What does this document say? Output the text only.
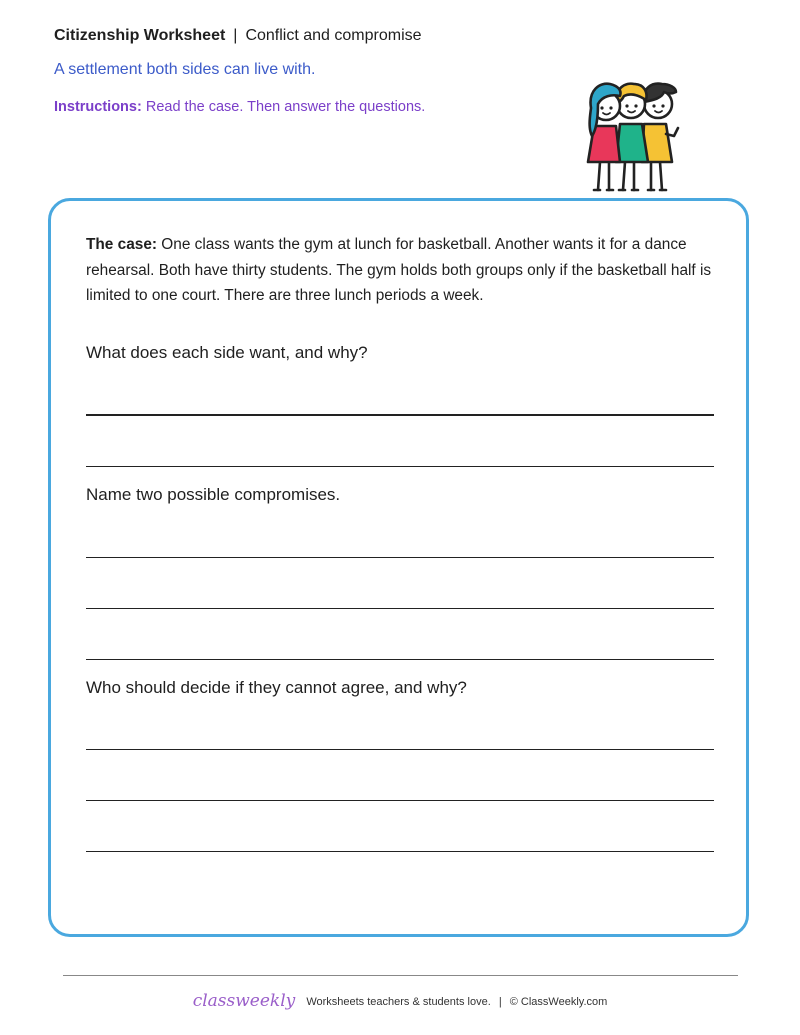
Citizenship Worksheet | Conflict and compromise
A settlement both sides can live with.
Instructions: Read the case. Then answer the questions.
The case: One class wants the gym at lunch for basketball. Another wants it for a dance rehearsal. Both have thirty students. The gym holds both groups only if the basketball half is limited to one court. There are three lunch periods a week.
What does each side want, and why?
Name two possible compromises.
Who should decide if they cannot agree, and why?
classweekly Worksheets teachers & students love. | © ClassWeekly.com
